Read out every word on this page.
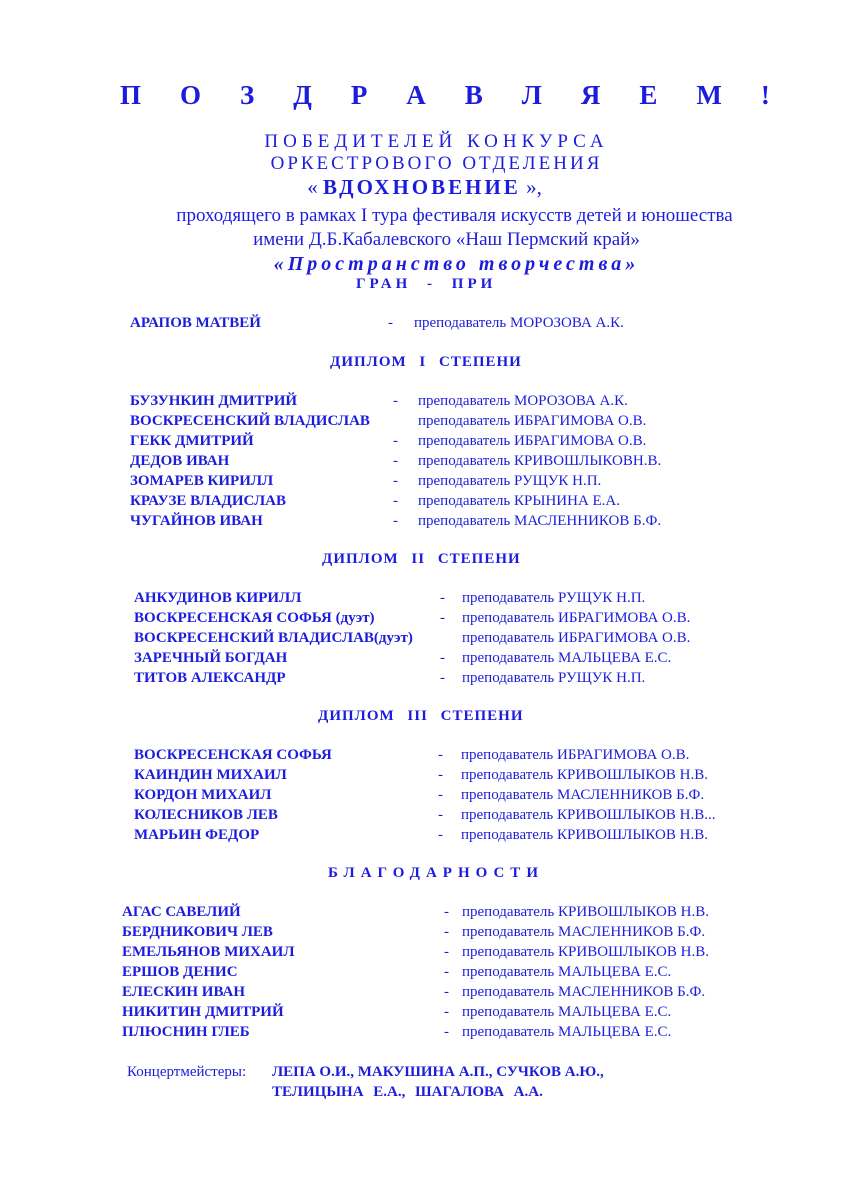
П О З Д Р А В Л Я Е М !
ПОБЕДИТЕЛЕЙ КОНКУРСА
ОРКЕСТРОВОГО ОТДЕЛЕНИЯ
« ВДОХНОВЕНИЕ »,
проходящего в рамках I тура фестиваля искусств детей и юношества
имени Д.Б.Кабалевского «Наш Пермский край»
«Пространство творчества»
ГРАН - ПРИ
АРАПОВ МАТВЕЙ	- преподаватель МОРОЗОВА А.К.
ДИПЛОМ I СТЕПЕНИ
БУЗУНКИН ДМИТРИЙ	- преподаватель МОРОЗОВА А.К.
ВОСКРЕСЕНСКИЙ ВЛАДИСЛАВ	преподаватель ИБРАГИМОВА О.В.
ГЕКК ДМИТРИЙ	- преподаватель ИБРАГИМОВА О.В.
ДЕДОВ ИВАН	- преподаватель КРИВОШЛЫКОВН.В.
ЗОМАРЕВ КИРИЛЛ	- преподаватель РУЩУК Н.П.
КРАУЗЕ ВЛАДИСЛАВ	- преподаватель КРЫНИНА Е.А.
ЧУГАЙНОВ ИВАН	- преподаватель МАСЛЕННИКОВ Б.Ф.
ДИПЛОМ II СТЕПЕНИ
АНКУДИНОВ КИРИЛЛ	- преподаватель РУЩУК Н.П.
ВОСКРЕСЕНСКАЯ СОФЬЯ (дуэт)	- преподаватель ИБРАГИМОВА О.В.
ВОСКРЕСЕНСКИЙ ВЛАДИСЛАВ(дуэт)	преподаватель ИБРАГИМОВА О.В.
ЗАРЕЧНЫЙ БОГДАН	- преподаватель МАЛЬЦЕВА Е.С.
ТИТОВ АЛЕКСАНДР	- преподаватель РУЩУК Н.П.
ДИПЛОМ III СТЕПЕНИ
ВОСКРЕСЕНСКАЯ СОФЬЯ	- преподаватель ИБРАГИМОВА О.В.
КАИНДИН МИХАИЛ	- преподаватель КРИВОШЛЫКОВ Н.В.
КОРДОН МИХАИЛ	- преподаватель МАСЛЕННИКОВ Б.Ф.
КОЛЕСНИКОВ ЛЕВ	- преподаватель КРИВОШЛЫКОВ Н.В...
МАРЬИН ФЕДОР	- преподаватель КРИВОШЛЫКОВ Н.В.
БЛАГОДАРНОСТИ
АГАС САВЕЛИЙ	- преподаватель КРИВОШЛЫКОВ Н.В.
БЕРДНИКОВИЧ ЛЕВ	- преподаватель МАСЛЕННИКОВ Б.Ф.
ЕМЕЛЬЯНОВ МИХАИЛ	- преподаватель КРИВОШЛЫКОВ Н.В.
ЕРШОВ ДЕНИС	- преподаватель МАЛЬЦЕВА Е.С.
ЕЛЕСКИН ИВАН	- преподаватель МАСЛЕННИКОВ Б.Ф.
НИКИТИН ДМИТРИЙ	- преподаватель МАЛЬЦЕВА Е.С.
ПЛЮСНИН ГЛЕБ	- преподаватель МАЛЬЦЕВА Е.С.
Концертмейстеры: ЛЕПА О.И., МАКУШИНА А.П., СУЧКОВ А.Ю.,
ТЕЛИЦЫНА Е.А., ШАГАЛОВА А.А.
